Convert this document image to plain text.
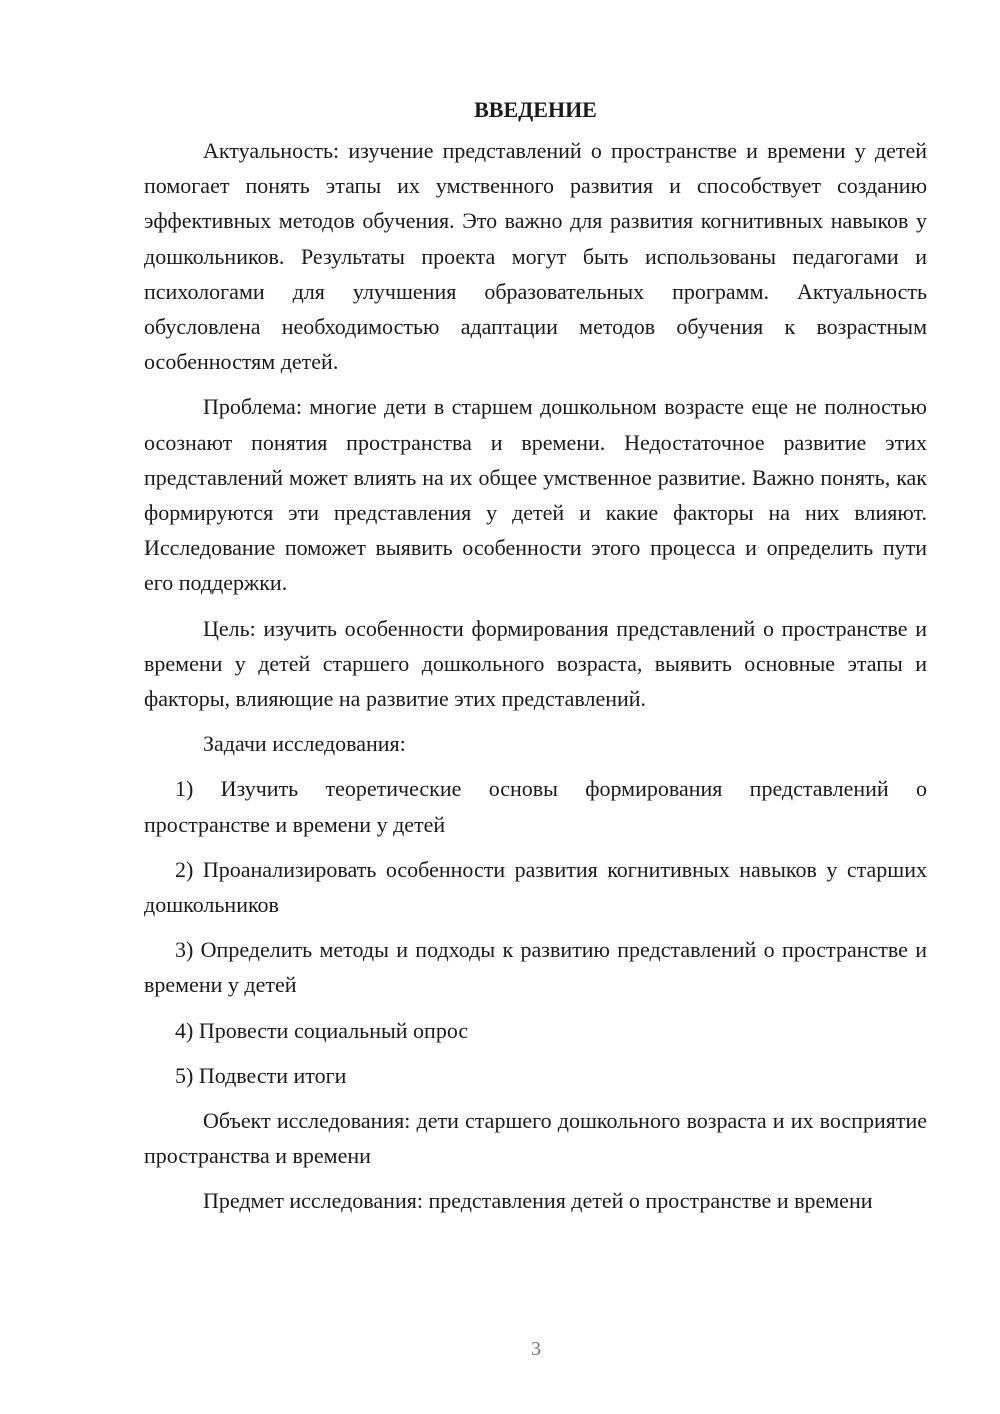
ВВЕДЕНИЕ

Актуальность: изучение представлений о пространстве и времени у детей помогает понять этапы их умственного развития и способствует созданию эффективных методов обучения. Это важно для развития когнитивных навыков у дошкольников. Результаты проекта могут быть использованы педагогами и психологами для улучшения образовательных программ. Актуальность обусловлена необходимостью адаптации методов обучения к возрастным особенностям детей.

Проблема: многие дети в старшем дошкольном возрасте еще не полностью осознают понятия пространства и времени. Недостаточное развитие этих представлений может влиять на их общее умственное развитие. Важно понять, как формируются эти представления у детей и какие факторы на них влияют. Исследование поможет выявить особенности этого процесса и определить пути его поддержки.

Цель: изучить особенности формирования представлений о пространстве и времени у детей старшего дошкольного возраста, выявить основные этапы и факторы, влияющие на развитие этих представлений.

Задачи исследования:

1) Изучить теоретические основы формирования представлений о пространстве и времени у детей
2) Проанализировать особенности развития когнитивных навыков у старших дошкольников
3) Определить методы и подходы к развитию представлений о пространстве и времени у детей
4) Провести социальный опрос
5) Подвести итоги

Объект исследования: дети старшего дошкольного возраста и их восприятие пространства и времени

Предмет исследования: представления детей о пространстве и времени

3
